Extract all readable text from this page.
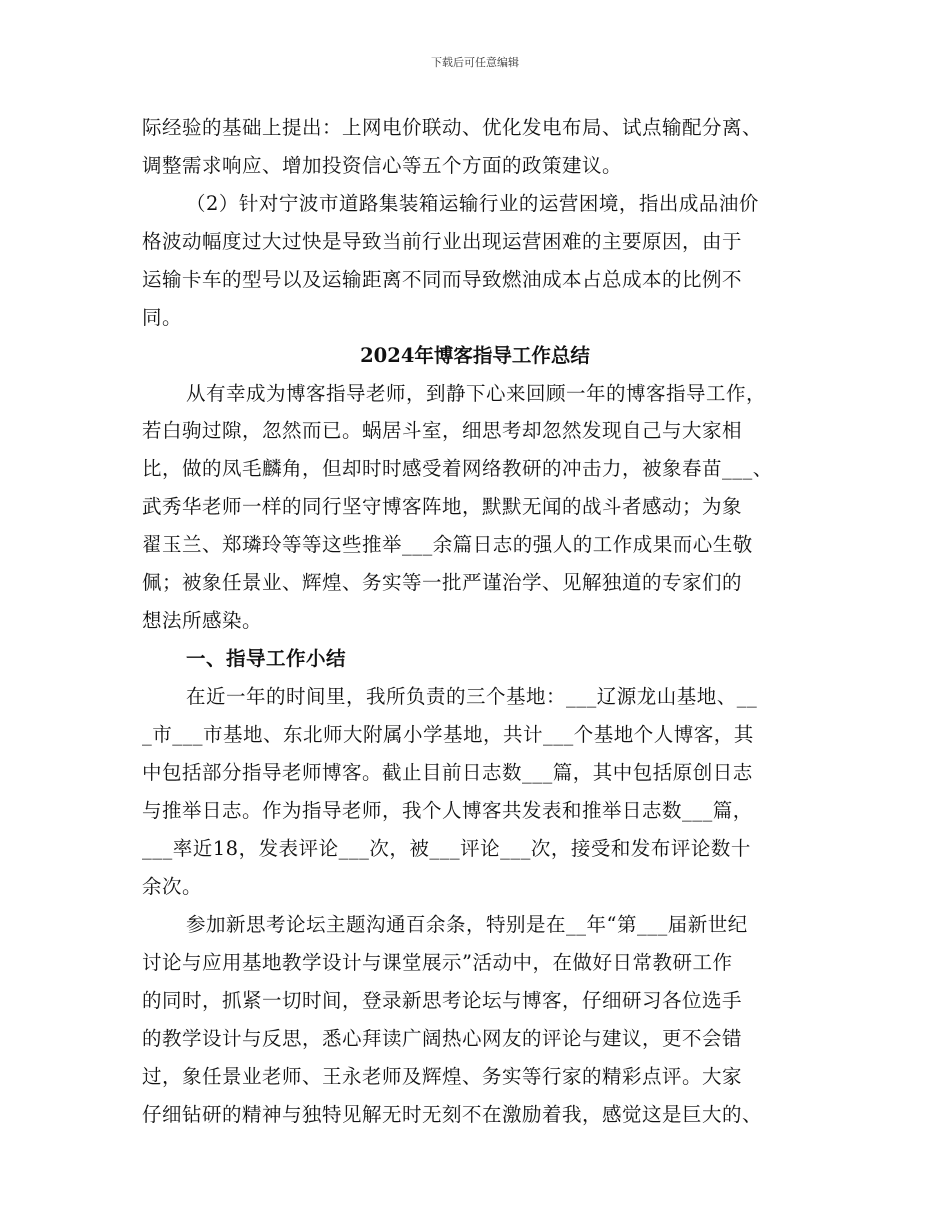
下载后可任意编辑
际经验的基础上提出：上网电价联动、优化发电布局、试点输配分离、
调整需求响应、增加投资信心等五个方面的政策建议。
（2）针对宁波市道路集装箱运输行业的运营困境，指出成品油价
格波动幅度过大过快是导致当前行业出现运营困难的主要原因，由于
运输卡车的型号以及运输距离不同而导致燃油成本占总成本的比例不
同。
2024年博客指导工作总结
从有幸成为博客指导老师，到静下心来回顾一年的博客指导工作，
若白驹过隙，忽然而已。蜗居斗室，细思考却忽然发现自己与大家相
比，做的凤毛麟角，但却时时感受着网络教研的冲击力，被象春苗___、
武秀华老师一样的同行坚守博客阵地，默默无闻的战斗者感动；为象
翟玉兰、郑璘玲等等这些推举___余篇日志的强人的工作成果而心生敬
佩；被象任景业、辉煌、务实等一批严谨治学、见解独道的专家们的
想法所感染。
一、指导工作小结
在近一年的时间里，我所负责的三个基地：___辽源龙山基地、__
_市___市基地、东北师大附属小学基地，共计___个基地个人博客，其
中包括部分指导老师博客。截止目前日志数___篇，其中包括原创日志
与推举日志。作为指导老师，我个人博客共发表和推举日志数___篇，
___率近18，发表评论___次，被___评论___次，接受和发布评论数十
余次。
参加新思考论坛主题沟通百余条，特别是在__年“第___届新世纪
讨论与应用基地教学设计与课堂展示”活动中，在做好日常教研工作
的同时，抓紧一切时间，登录新思考论坛与博客，仔细研习各位选手
的教学设计与反思，悉心拜读广阔热心网友的评论与建议，更不会错
过，象任景业老师、王永老师及辉煌、务实等行家的精彩点评。大家
仔细钻研的精神与独特见解无时无刻不在激励着我，感觉这是巨大的、
